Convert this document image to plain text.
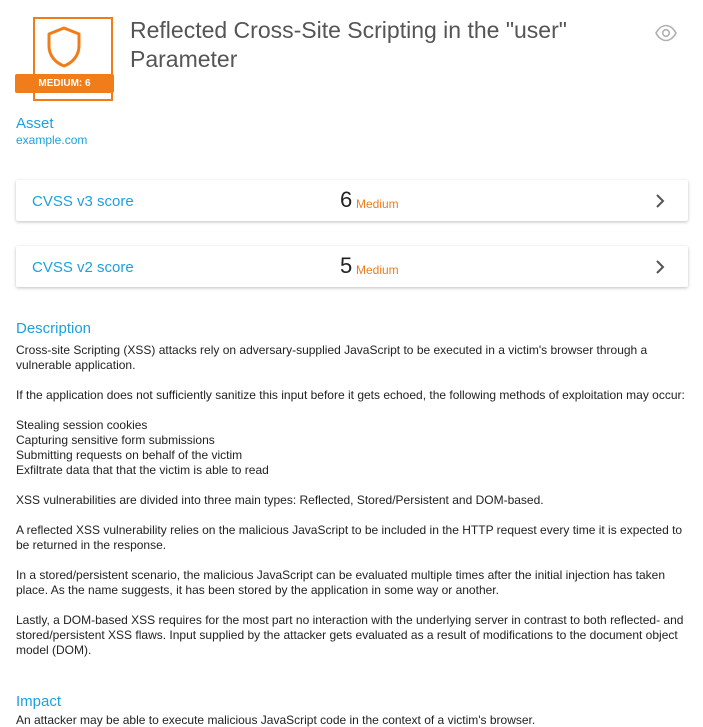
MEDIUM: 6
Reflected Cross-Site Scripting in the "user" Parameter
Asset
example.com
CVSS v3 score	6 Medium
CVSS v2 score	5 Medium
Description

Cross-site Scripting (XSS) attacks rely on adversary-supplied JavaScript to be executed in a victim's browser through a vulnerable application.

If the application does not sufficiently sanitize this input before it gets echoed, the following methods of exploitation may occur:

Stealing session cookies

Capturing sensitive form submissions

Submitting requests on behalf of the victim

Exfiltrate data that that the victim is able to read

XSS vulnerabilities are divided into three main types: Reflected, Stored/Persistent and DOM-based.

A reflected XSS vulnerability relies on the malicious JavaScript to be included in the HTTP request every time it is expected to be returned in the response.

In a stored/persistent scenario, the malicious JavaScript can be evaluated multiple times after the initial injection has taken place. As the name suggests, it has been stored by the application in some way or another.

Lastly, a DOM-based XSS requires for the most part no interaction with the underlying server in contrast to both reflected- and stored/persistent XSS flaws. Input supplied by the attacker gets evaluated as a result of modifications to the document object model (DOM).

Impact
An attacker may be able to execute malicious JavaScript code in the context of a victim's browser.
